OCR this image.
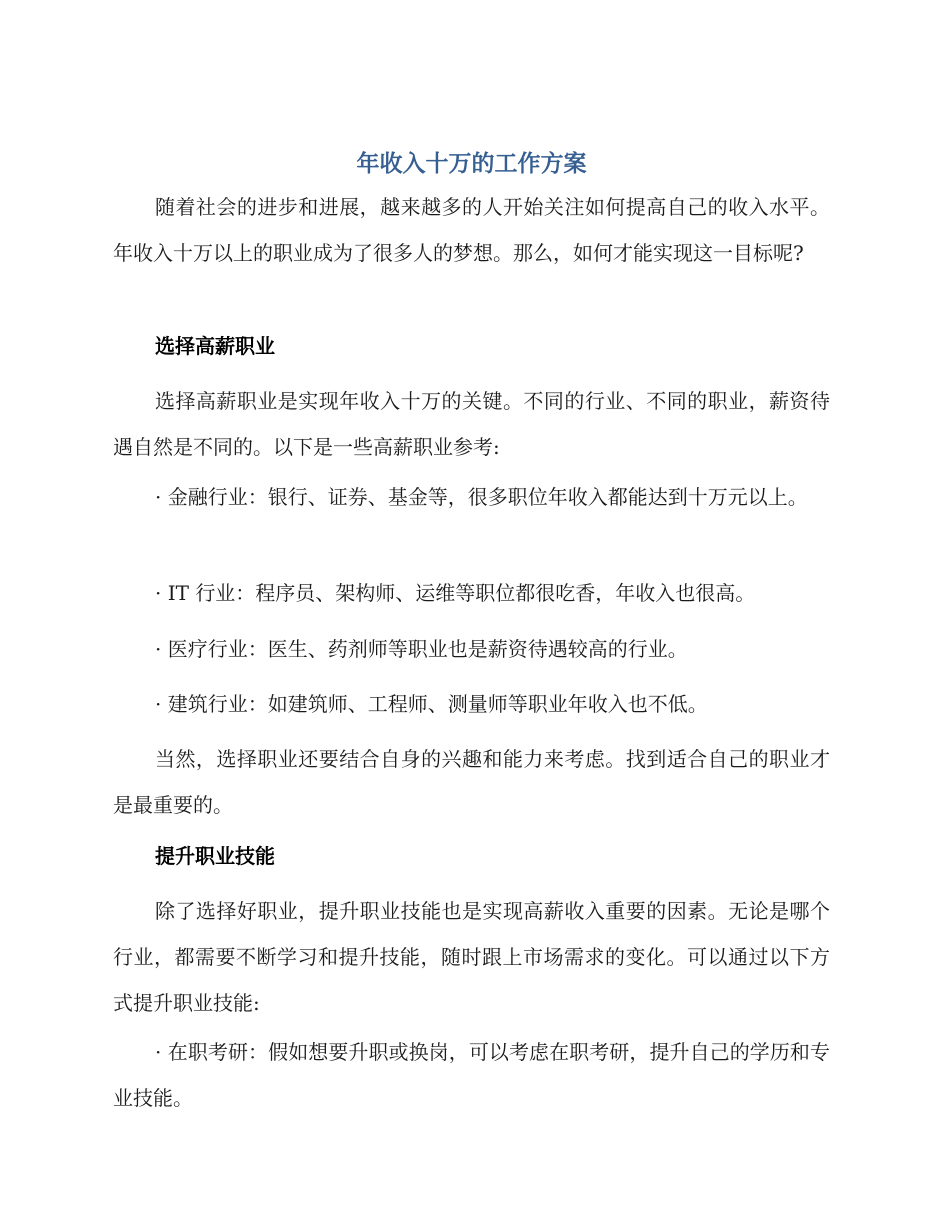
年收入十万的工作方案

随着社会的进步和进展，越来越多的人开始关注如何提高自己的收入水平。年收入十万以上的职业成为了很多人的梦想。那么，如何才能实现这一目标呢?

选择高薪职业

选择高薪职业是实现年收入十万的关键。不同的行业、不同的职业，薪资待遇自然是不同的。以下是一些高薪职业参考:

· 金融行业：银行、证券、基金等，很多职位年收入都能达到十万元以上。

· IT 行业：程序员、架构师、运维等职位都很吃香，年收入也很高。

· 医疗行业：医生、药剂师等职业也是薪资待遇较高的行业。

· 建筑行业：如建筑师、工程师、测量师等职业年收入也不低。

当然，选择职业还要结合自身的兴趣和能力来考虑。找到适合自己的职业才是最重要的。

提升职业技能

除了选择好职业，提升职业技能也是实现高薪收入重要的因素。无论是哪个行业，都需要不断学习和提升技能，随时跟上市场需求的变化。可以通过以下方式提升职业技能:

· 在职考研：假如想要升职或换岗，可以考虑在职考研，提升自己的学历和专业技能。
